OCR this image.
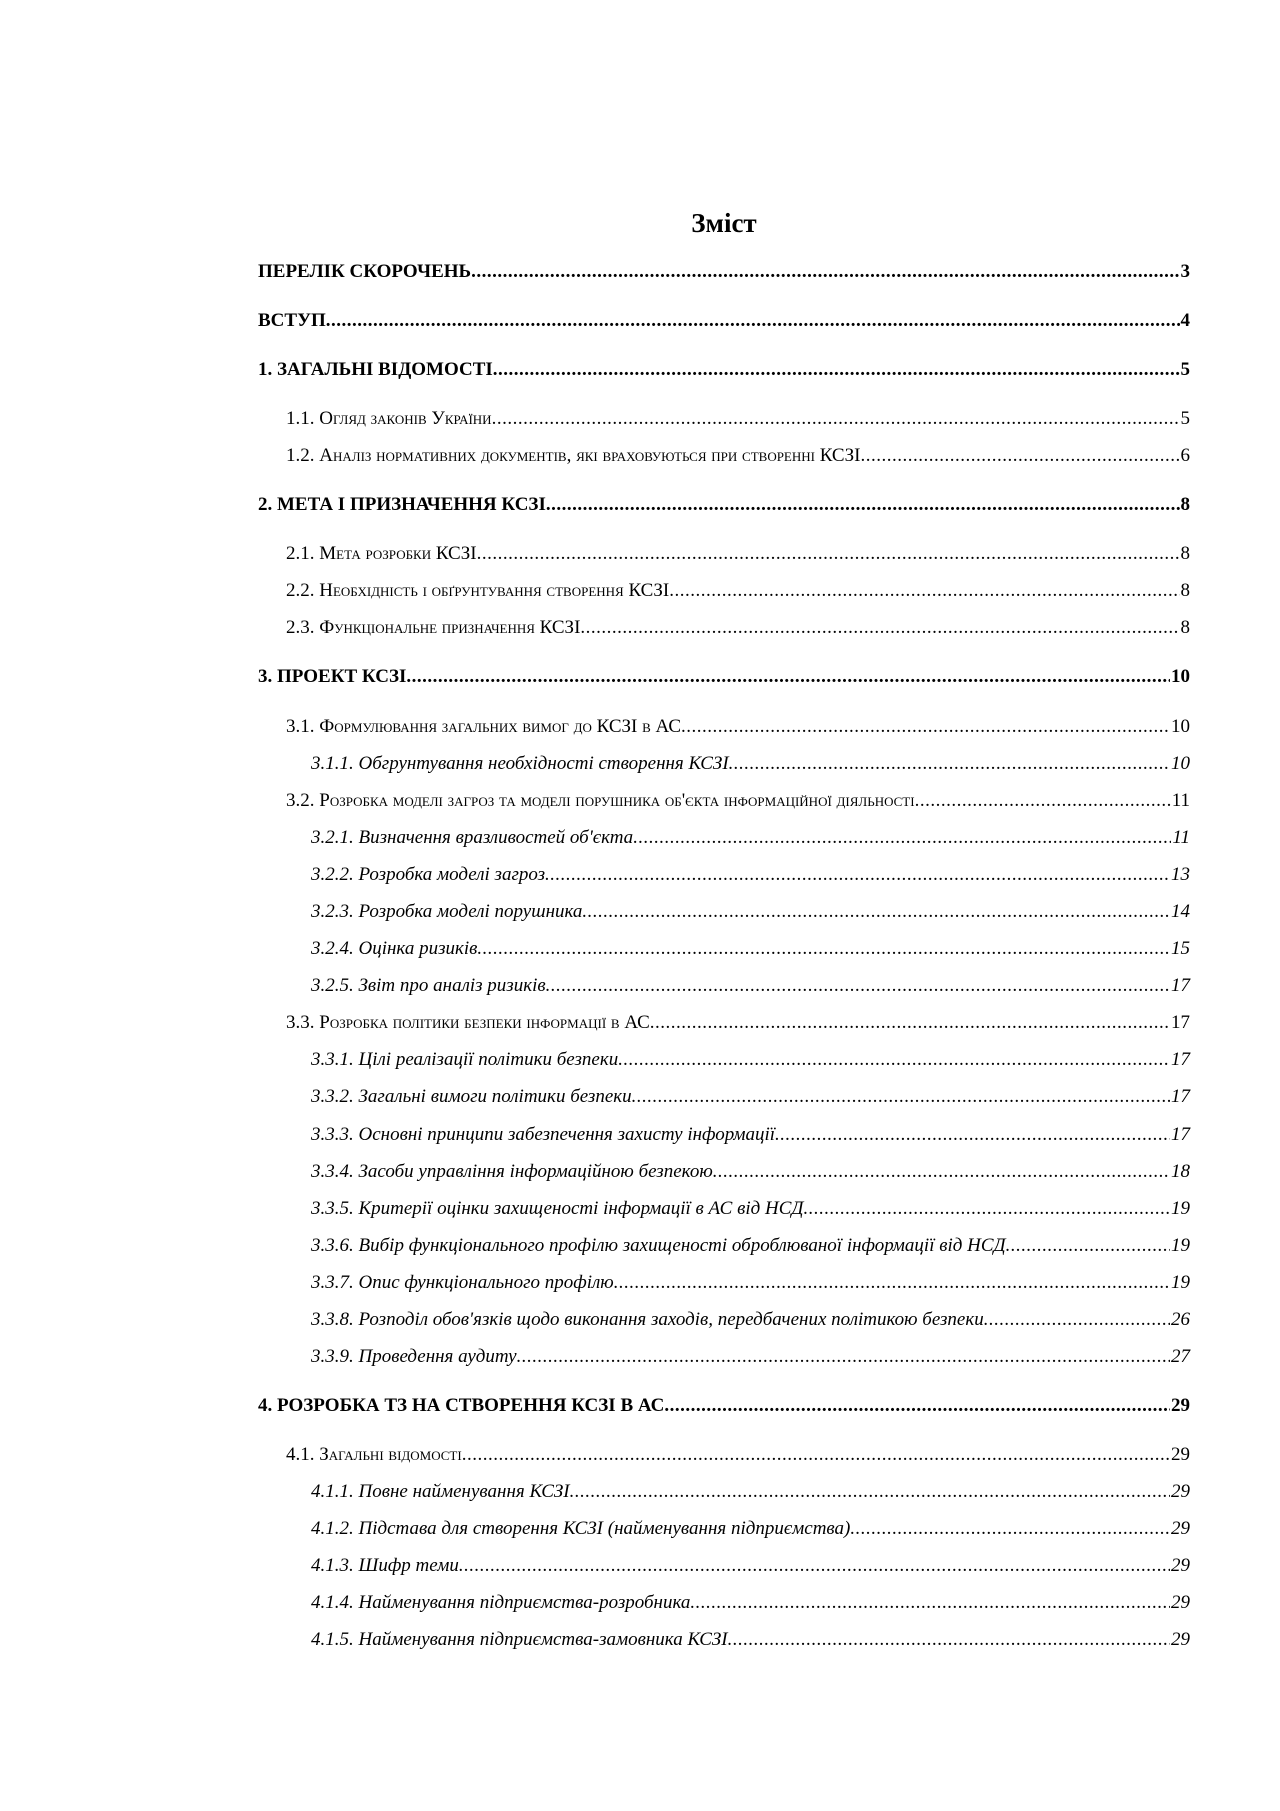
Зміст
ПЕРЕЛІК СКОРОЧЕНЬ .....	3
ВСТУП .....	4
1. ЗАГАЛЬНІ ВІДОМОСТІ .....	5
1.1. Огляд законів України .....	5
1.2. Аналіз нормативних документів, які враховуються при створенні КСЗІ .....	6
2. МЕТА І ПРИЗНАЧЕННЯ КСЗІ .....	8
2.1. Мета розробки КСЗІ .....	8
2.2. Необхідність і обґрунтування створення КСЗІ .....	8
2.3. Функціональне призначення КСЗІ .....	8
3. ПРОЕКТ КСЗІ .....	10
3.1. Формулювання загальних вимог до КСЗІ в АС .....	10
3.1.1. Обгрунтування необхідності створення КСЗІ .....	10
3.2. Розробка моделі загроз та моделі порушника об'єкта інформаційної діяльності .....	11
3.2.1. Визначення вразливостей об'єкта .....	11
3.2.2. Розробка моделі загроз .....	13
3.2.3. Розробка моделі порушника .....	14
3.2.4. Оцінка ризиків .....	15
3.2.5. Звіт про аналіз ризиків .....	17
3.3. Розробка політики безпеки інформації в АС .....	17
3.3.1. Цілі реалізації політики безпеки .....	17
3.3.2. Загальні вимоги політики безпеки .....	17
3.3.3. Основні принципи забезпечення захисту інформації .....	17
3.3.4. Засоби управління інформаційною безпекою .....	18
3.3.5. Критерії оцінки захищеності інформації в АС від НСД .....	19
3.3.6. Вибір функціонального профілю захищеності оброблюваної інформації від НСД .....	19
3.3.7. Опис функціонального профілю .....	19
3.3.8. Розподіл обов'язків щодо виконання заходів, передбачених політикою безпеки .....	26
3.3.9. Проведення аудиту .....	27
4. РОЗРОБКА ТЗ НА СТВОРЕННЯ КСЗІ В АС .....	29
4.1. Загальні відомості .....	29
4.1.1. Повне найменування КСЗІ .....	29
4.1.2. Підстава для створення КСЗІ (найменування підприємства) .....	29
4.1.3. Шифр теми .....	29
4.1.4. Найменування підприємства-розробника .....	29
4.1.5. Найменування підприємства-замовника КСЗІ .....	29
